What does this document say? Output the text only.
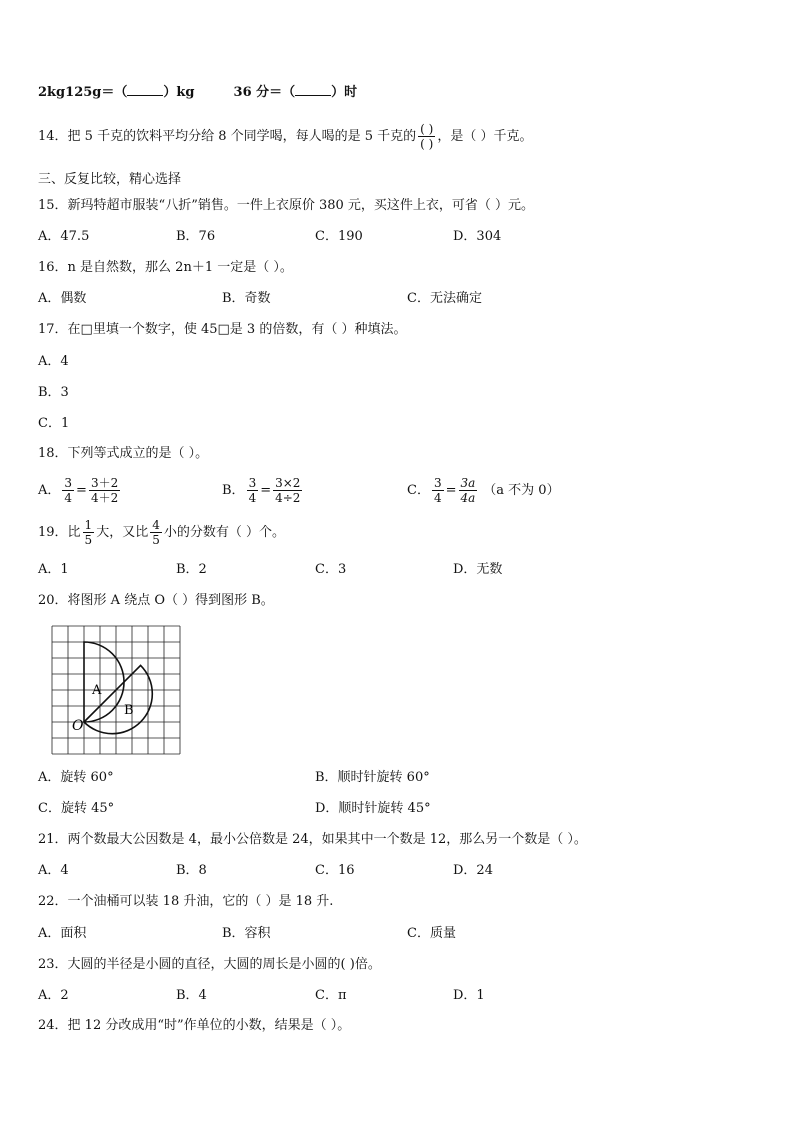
2kg125g＝（	）kg	36 分＝（	）时
14．把 5 千克的饮料平均分给 8 个同学喝，每人喝的是 5 千克的 $\frac{( )}{( )}$ ，是（ ）千克。
三、反复比较，精心选择
15．新玛特超市服装“八折”销售。一件上衣原价 380 元，买这件上衣，可省（ ）元。
A．47.5	B．76	C．190	D．304
16．n 是自然数，那么 2n＋1 一定是（ ）。
A．偶数	B．奇数	C．无法确定
17．在□里填一个数字，使 45□是 3 的倍数，有（ ）种填法。
A．4
B．3
C．1
18．下列等式成立的是（ ）。
A． $\frac{3}{4} = \frac{3+2}{4+2}$	B． $\frac{3}{4} = \frac{3\times 2}{4\div 2}$	C． $\frac{3}{4} = \frac{3a}{4a} (a$ 不为 0）
19．比 $\frac{1}{5}$ 大，又比 $\frac{4}{5}$ 小的分数有（ ）个。
A．1	B．2	C．3	D．无数
20．将图形 A 绕点 O（ ）得到图形 B。
A
B
O
A．旋转 60°	B．顺时针旋转 60°
C．旋转 45°	D．顺时针旋转 45°
21．两个数最大公因数是 4，最小公倍数是 24，如果其中一个数是 12，那么另一个数是（ ）。
A．4	B．8	C．16	D．24
22．一个油桶可以装 18 升油，它的（ ）是 18 升.
A．面积	B．容积	C．质量
23．大圆的半径是小圆的直径，大圆的周长是小圆的( )倍。
A．2	B．4	C．π	D．1
24．把 12 分改成用“时”作单位的小数，结果是（ ）。
